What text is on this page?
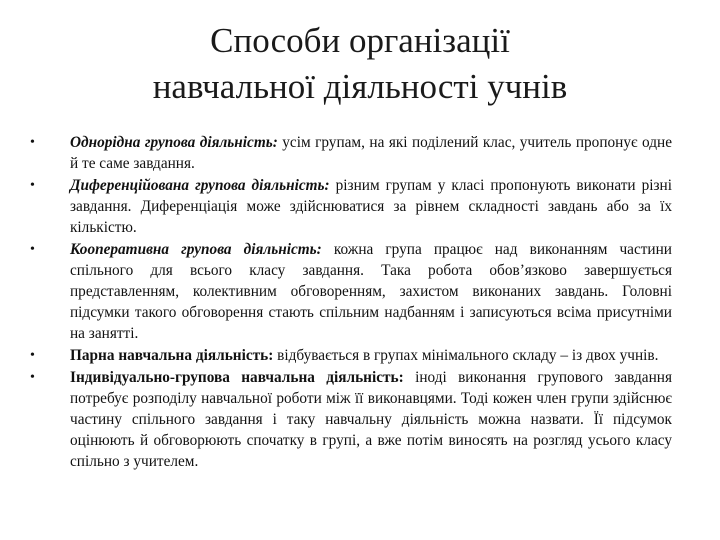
Способи організації
навчальної діяльності учнів
•	Однорідна групова діяльність: усім групам, на які поділений клас, учитель пропонує одне й те саме завдання.
•	Диференційована групова діяльність: різним групам у класі пропонують виконати різні завдання. Диференціація може здійснюватися за рівнем складності завдань або за їх кількістю.
•	Кооперативна групова діяльність: кожна група працює над виконанням частини спільного для всього класу завдання. Така робота обов’язково завершується представленням, колективним обговоренням, захистом виконаних завдань. Головні підсумки такого обговорення стають спільним надбанням і записуються всіма присутніми на занятті.
•	Парна навчальна діяльність: відбувається в групах мінімального складу – із двох учнів.
•	Індивідуально-групова навчальна діяльність: іноді виконання групового завдання потребує розподілу навчальної роботи між її виконавцями. Тоді кожен член групи здійснює частину спільного завдання і таку навчальну діяльність можна назвати. Її підсумок оцінюють й обговорюють спочатку в групі, а вже потім виносять на розгляд усього класу спільно з учителем.
